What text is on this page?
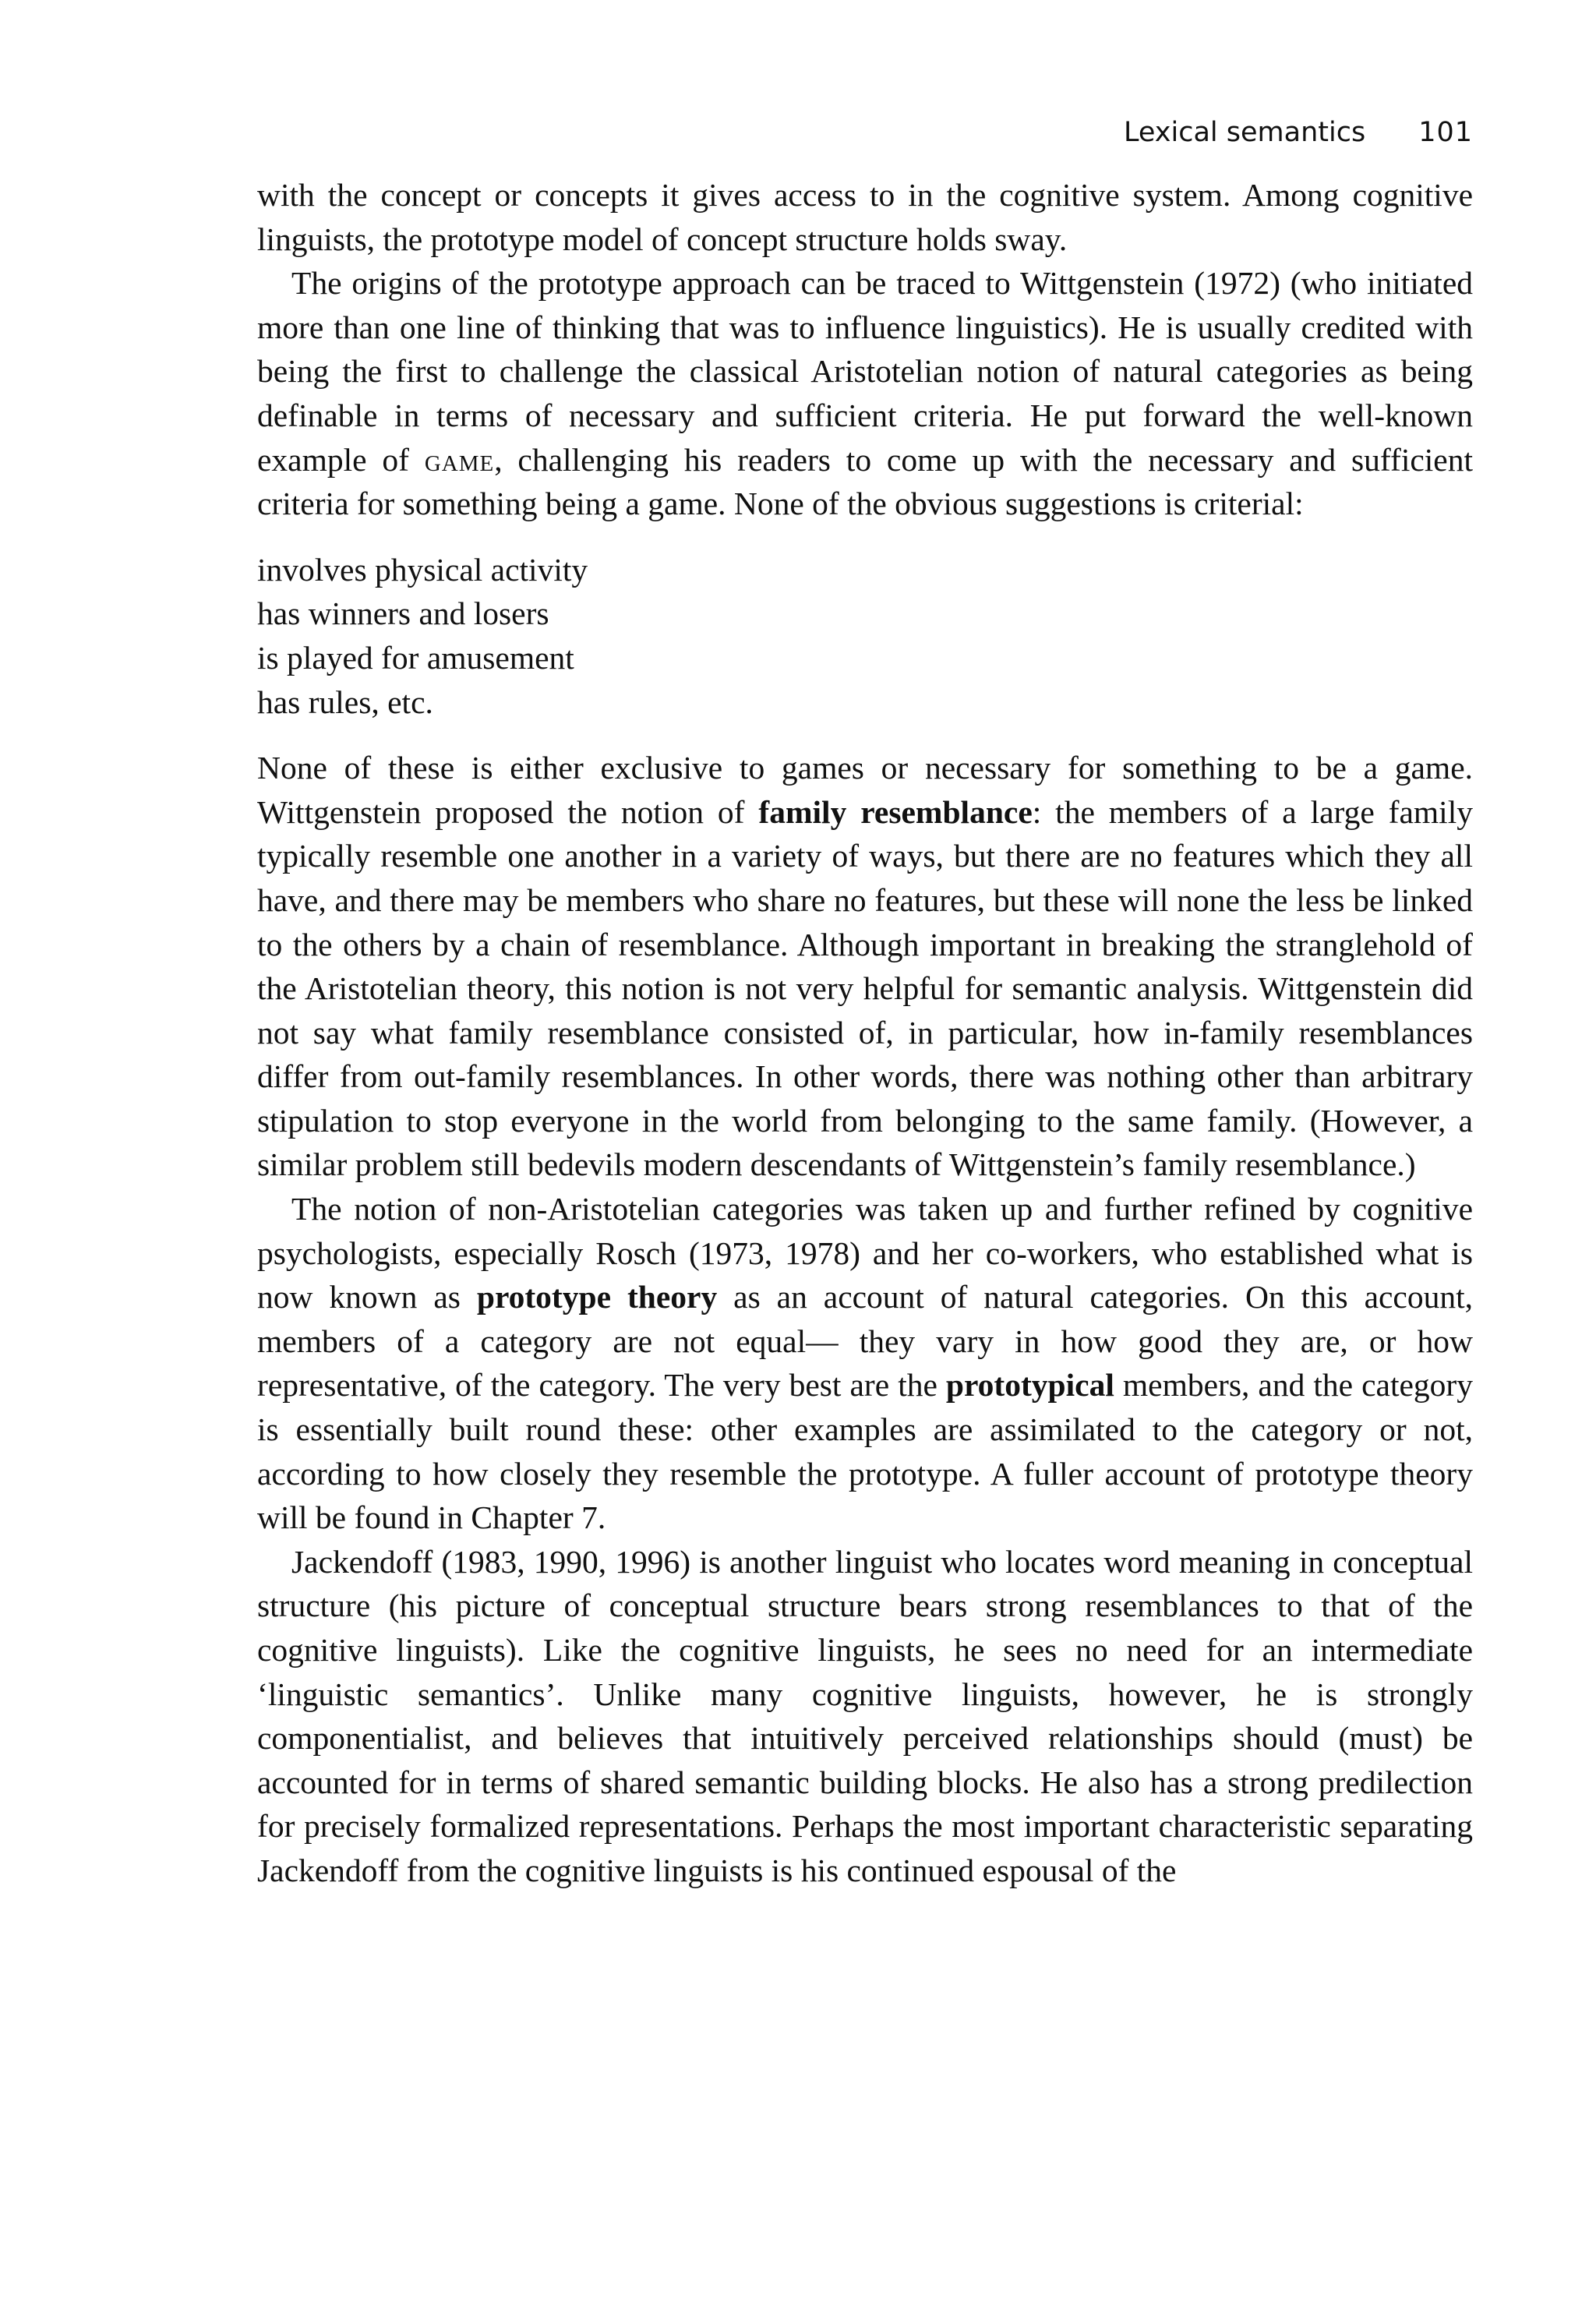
Lexical semantics 101

with the concept or concepts it gives access to in the cognitive system. Among cognitive linguists, the prototype model of concept structure holds sway.

The origins of the prototype approach can be traced to Wittgenstein (1972) (who initiated more than one line of thinking that was to influence linguistics). He is usually credited with being the first to challenge the classical Aristotelian notion of natural categories as being definable in terms of necessary and sufficient criteria. He put forward the well-known example of game, challenging his readers to come up with the necessary and sufficient criteria for something being a game. None of the obvious suggestions is criterial:

involves physical activity
has winners and losers
is played for amusement
has rules, etc.

None of these is either exclusive to games or necessary for something to be a game. Wittgenstein proposed the notion of family resemblance: the members of a large family typically resemble one another in a variety of ways, but there are no features which they all have, and there may be members who share no features, but these will none the less be linked to the others by a chain of resemblance. Although important in breaking the stranglehold of the Aristotelian theory, this notion is not very helpful for semantic analysis. Wittgenstein did not say what family resemblance consisted of, in particular, how in-family resemblances differ from out-family resemblances. In other words, there was nothing other than arbitrary stipulation to stop everyone in the world from belonging to the same family. (However, a similar problem still bedevils modern descendants of Wittgenstein’s family resemblance.)

The notion of non-Aristotelian categories was taken up and further refined by cognitive psychologists, especially Rosch (1973, 1978) and her co-workers, who established what is now known as prototype theory as an account of natural categories. On this account, members of a category are not equal— they vary in how good they are, or how representative, of the category. The very best are the prototypical members, and the category is essentially built round these: other examples are assimilated to the category or not, according to how closely they resemble the prototype. A fuller account of prototype theory will be found in Chapter 7.

Jackendoff (1983, 1990, 1996) is another linguist who locates word meaning in conceptual structure (his picture of conceptual structure bears strong resemblances to that of the cognitive linguists). Like the cognitive linguists, he sees no need for an intermediate ‘linguistic semantics’. Unlike many cognitive linguists, however, he is strongly componentialist, and believes that intuitively perceived relationships should (must) be accounted for in terms of shared semantic building blocks. He also has a strong predilection for precisely formalized representations. Perhaps the most important characteristic separating Jackendoff from the cognitive linguists is his continued espousal of the
